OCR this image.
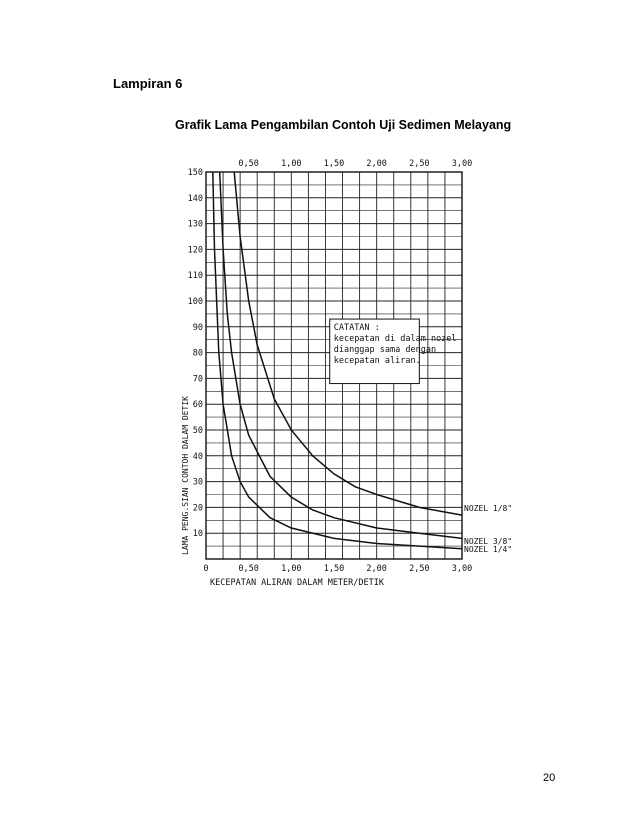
Lampiran 6
Grafik Lama Pengambilan Contoh Uji Sedimen Melayang
CATATAN :
kecepatan di dalam nozel
dianggap sama dengan
kecepatan aliran.
0,50	1,00	1,50	2,00	2,50	3,00
0	0,50	1,00	1,50	2,00	2,50	3,00
10
20
30
40
50
60
70
80
90
100
110
120
130
140
150
NOZEL 1/8"
NOZEL 3/8"
NOZEL 1/4"
KECEPATAN ALIRAN DALAM METER/DETIK
LAMA PENG.SIAN CONTOH DALAM DETIK
20
